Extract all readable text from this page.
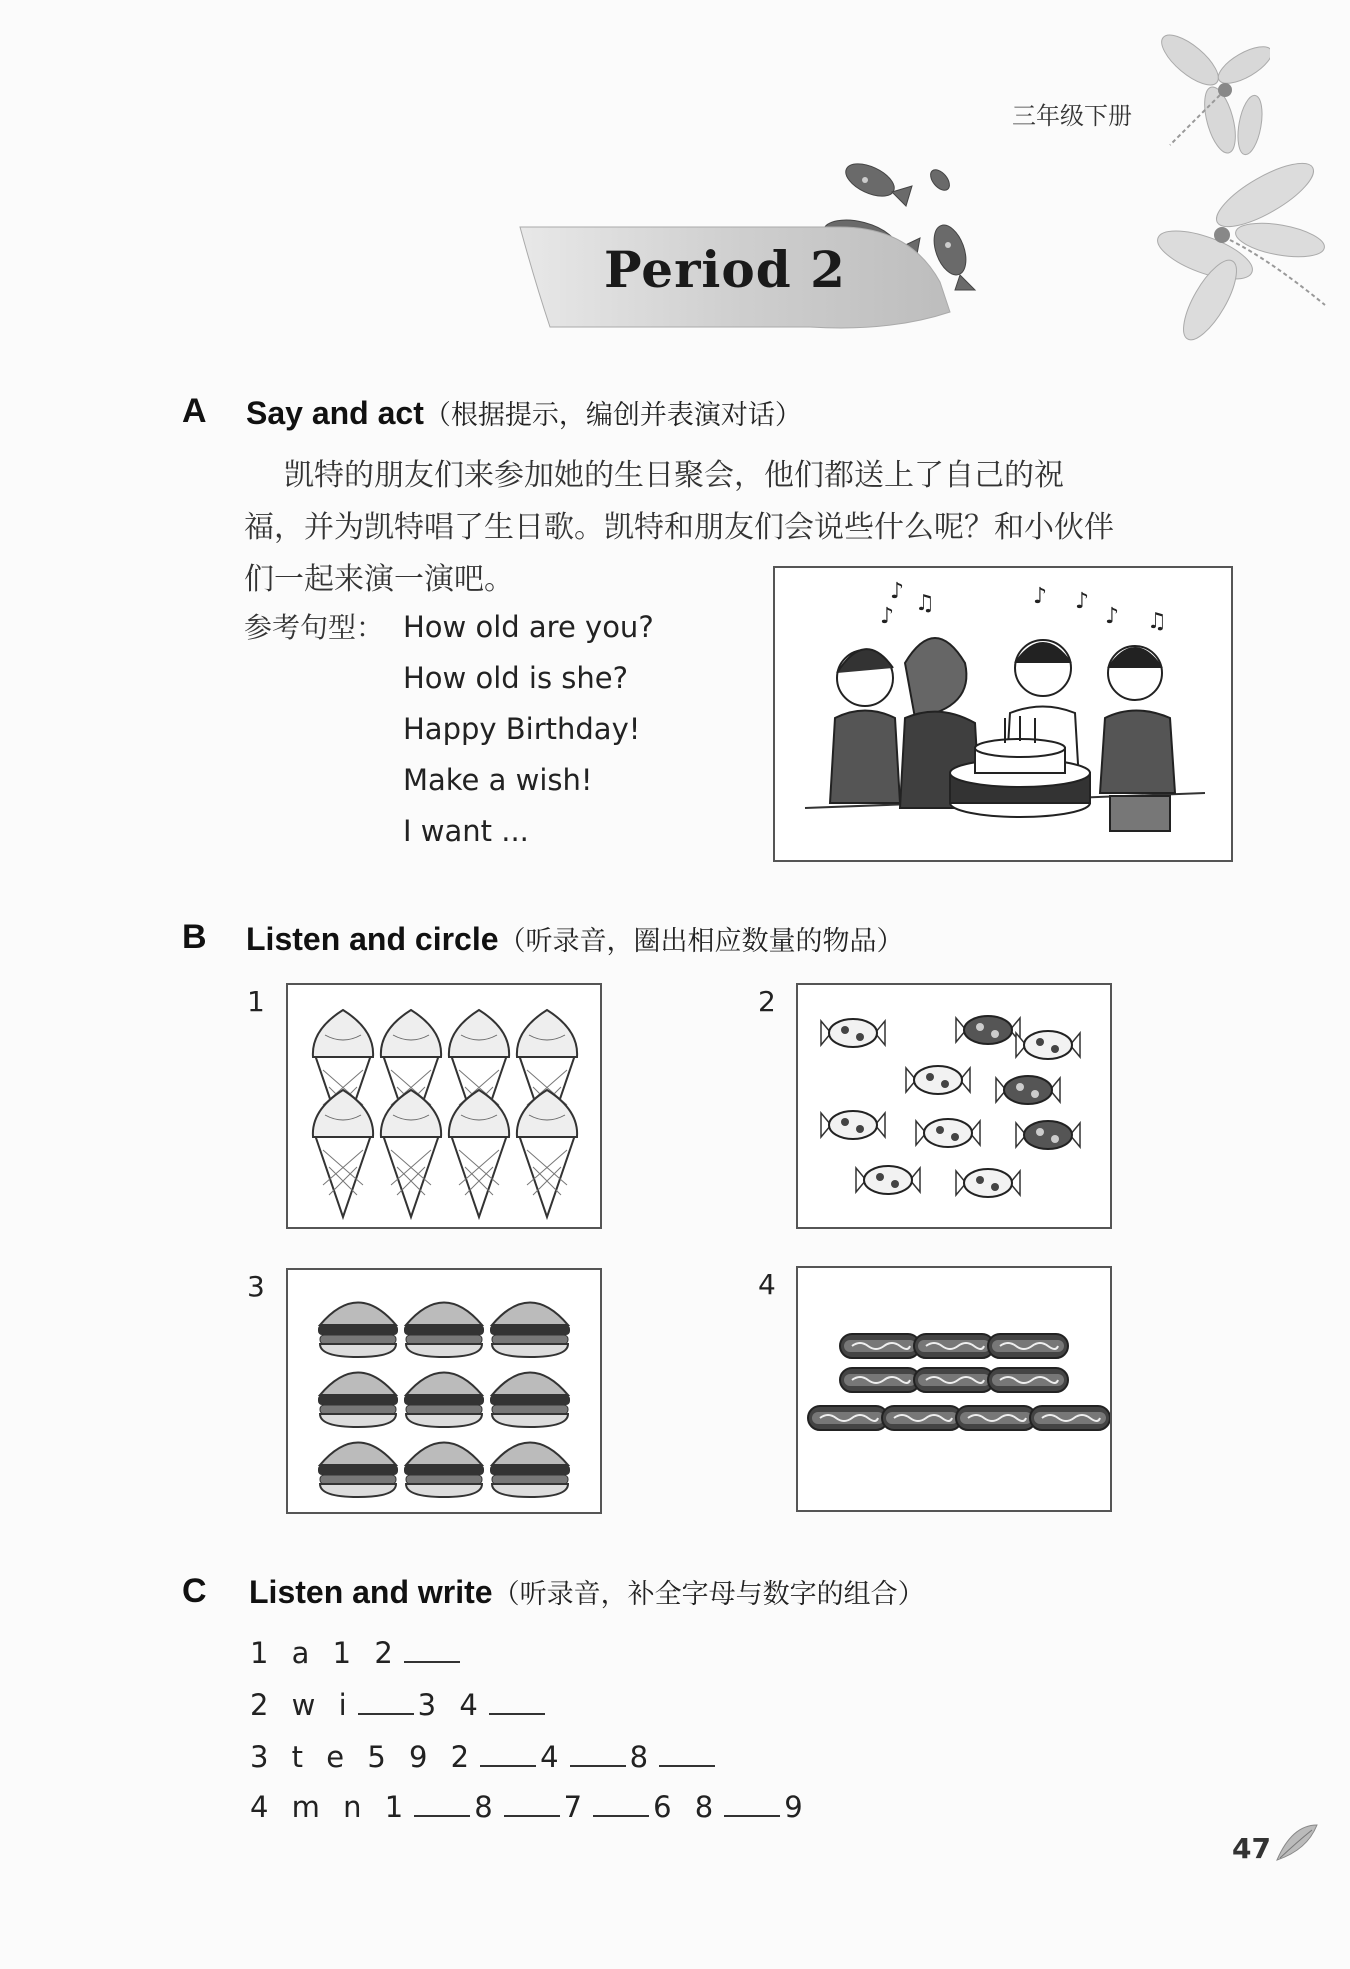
三年级下册
Period 2
A Say and act（根据提示，编创并表演对话）
凯特的朋友们来参加她的生日聚会，他们都送上了自己的祝
福，并为凯特唱了生日歌。凯特和朋友们会说些什么呢？和小伙伴
们一起来演一演吧。
参考句型： How old are you?
How old is she?
Happy Birthday!
Make a wish!
I want ...
♪ ♫	♪ ♪
♪ ♫
♪
B Listen and circle（听录音，圈出相应数量的物品）
1	2
3	4
C Listen and write（听录音，补全字母与数字的组合）
1 a 1 2
2 w i 3 4
3 t e 5 9 2 4 8
4 m n 1 8 7 6 8 9
47
